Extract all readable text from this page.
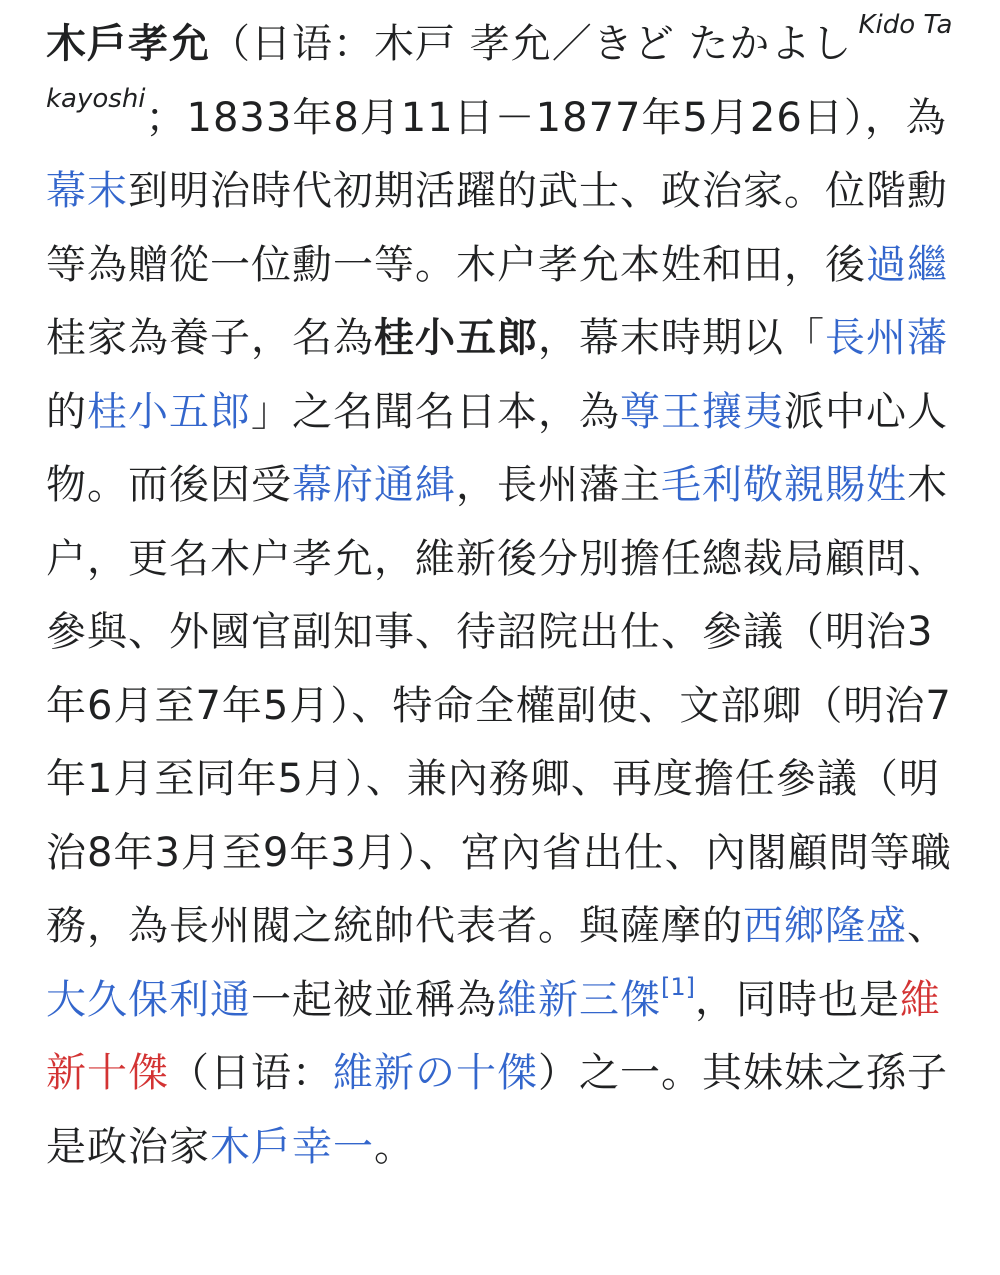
木戶孝允（日语：木戸 孝允／きど たかよし $^{Kido Takayoshi}$；1833年8月11日－1877年5月26日），為幕末到明治時代初期活躍的武士、政治家。位階勳等為贈從一位勳一等。木户孝允本姓和田，後過繼桂家為養子，名為桂小五郎，幕末時期以「長州藩的桂小五郎」之名聞名日本，為尊王攘夷派中心人物。而後因受幕府通緝，長州藩主毛利敬親賜姓木户，更名木户孝允，維新後分別擔任總裁局顧問、參與、外國官副知事、待詔院出仕、參議（明治3年6月至7年5月）、特命全權副使、文部卿（明治7年1月至同年5月）、兼內務卿、再度擔任參議（明治8年3月至9年3月）、宮內省出仕、內閣顧問等職務，為長州閥之統帥代表者。與薩摩的西鄉隆盛、大久保利通一起被並稱為維新三傑[1]，同時也是維新十傑（日语：維新の十傑）之一。其妹妹之孫子是政治家木戶幸一。
